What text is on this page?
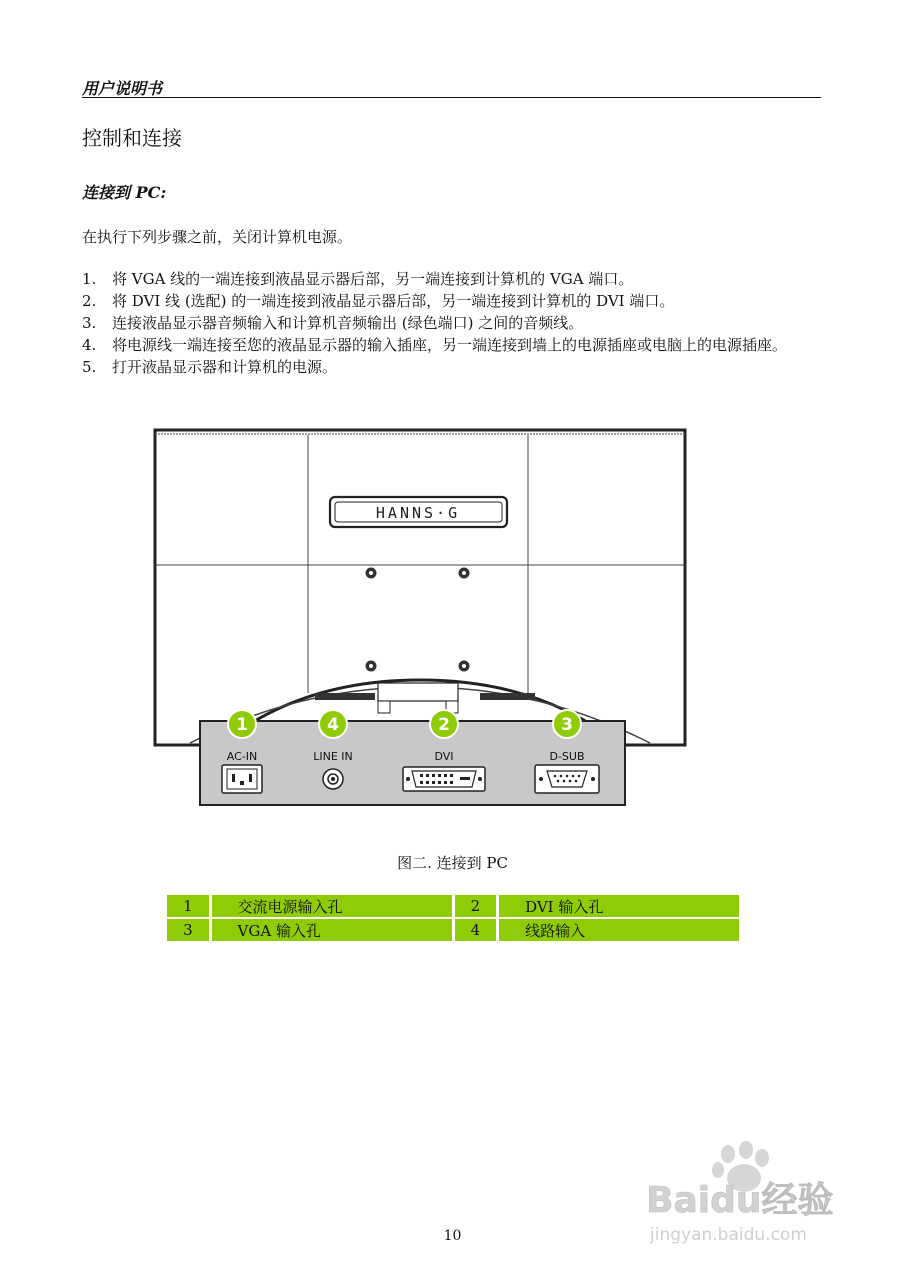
用户说明书
控制和连接
连接到 PC:
在执行下列步骤之前，关闭计算机电源。
1. 将 VGA 线的一端连接到液晶显示器后部，另一端连接到计算机的 VGA 端口。
2. 将 DVI 线 (选配) 的一端连接到液晶显示器后部，另一端连接到计算机的 DVI 端口。
3. 连接液晶显示器音频输入和计算机音频输出 (绿色端口) 之间的音频线。
4. 将电源线一端连接至您的液晶显示器的输入插座，另一端连接到墙上的电源插座或电脑上的电源插座。
5. 打开液晶显示器和计算机的电源。
HANNS·G
1	4	2	3
AC-IN	LINE IN	DVI	D-SUB
图二. 连接到 PC
1		交流电源输入孔		2		DVI 输入孔
3		VGA 输入孔		4		线路输入
Baidu经验
jingyan.baidu.com
10
